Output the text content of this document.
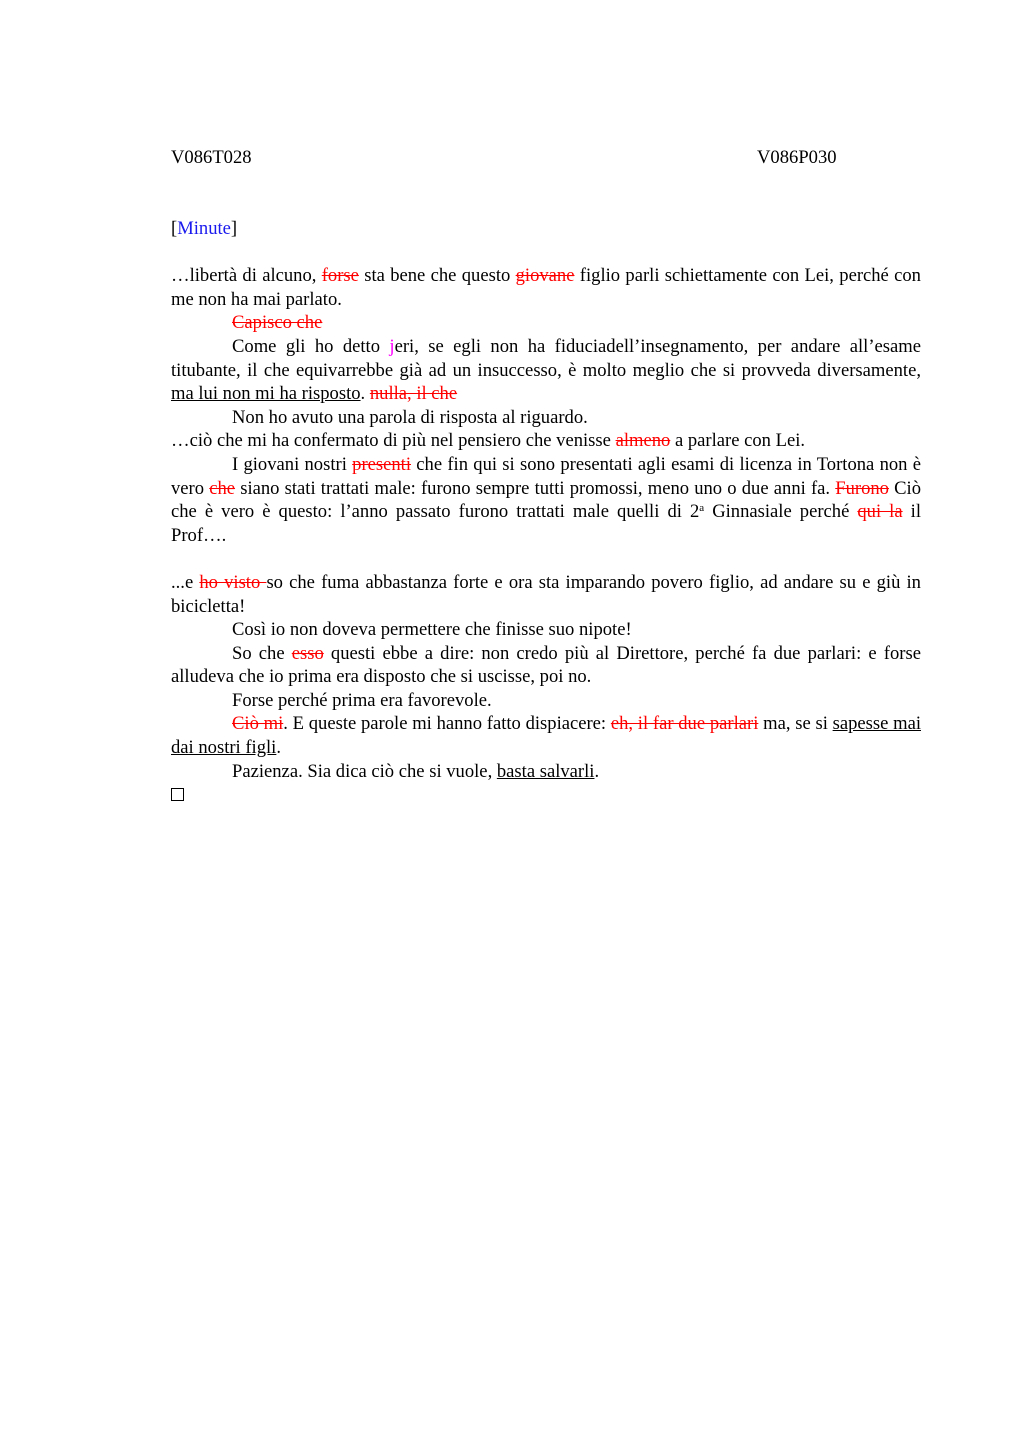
V086T028	V086P030

[Minute]

…libertà di alcuno, forse sta bene che questo giovane figlio parli schiettamente con Lei, perché con me non ha mai parlato.

Capisco che

Come gli ho detto jeri, se egli non ha fiduciadell’insegnamento, per andare all’esame titubante, il che equivarrebbe già ad un insuccesso, è molto meglio che si provveda diversamente, ma lui non mi ha risposto. nulla, il che

Non ho avuto una parola di risposta al riguardo.

…ciò che mi ha confermato di più nel pensiero che venisse almeno a parlare con Lei.

I giovani nostri presenti che fin qui si sono presentati agli esami di licenza in Tortona non è vero che siano stati trattati male: furono sempre tutti promossi, meno uno o due anni fa. Furono Ciò che è vero è questo: l’anno passato furono trattati male quelli di 2$^a$ Ginnasiale perché qui la il Prof….

...e ho visto so che fuma abbastanza forte e ora sta imparando povero figlio, ad andare su e giù in bicicletta!

Così io non doveva permettere che finisse suo nipote!

So che esso questi ebbe a dire: non credo più al Direttore, perché fa due parlari: e forse alludeva che io prima era disposto che si uscisse, poi no.

Forse perché prima era favorevole.

Ciò mi. E queste parole mi hanno fatto dispiacere: eh, il far due parlari ma, se si sapesse mai dai nostri figli.

Pazienza. Sia dica ciò che si vuole, basta salvarli.
